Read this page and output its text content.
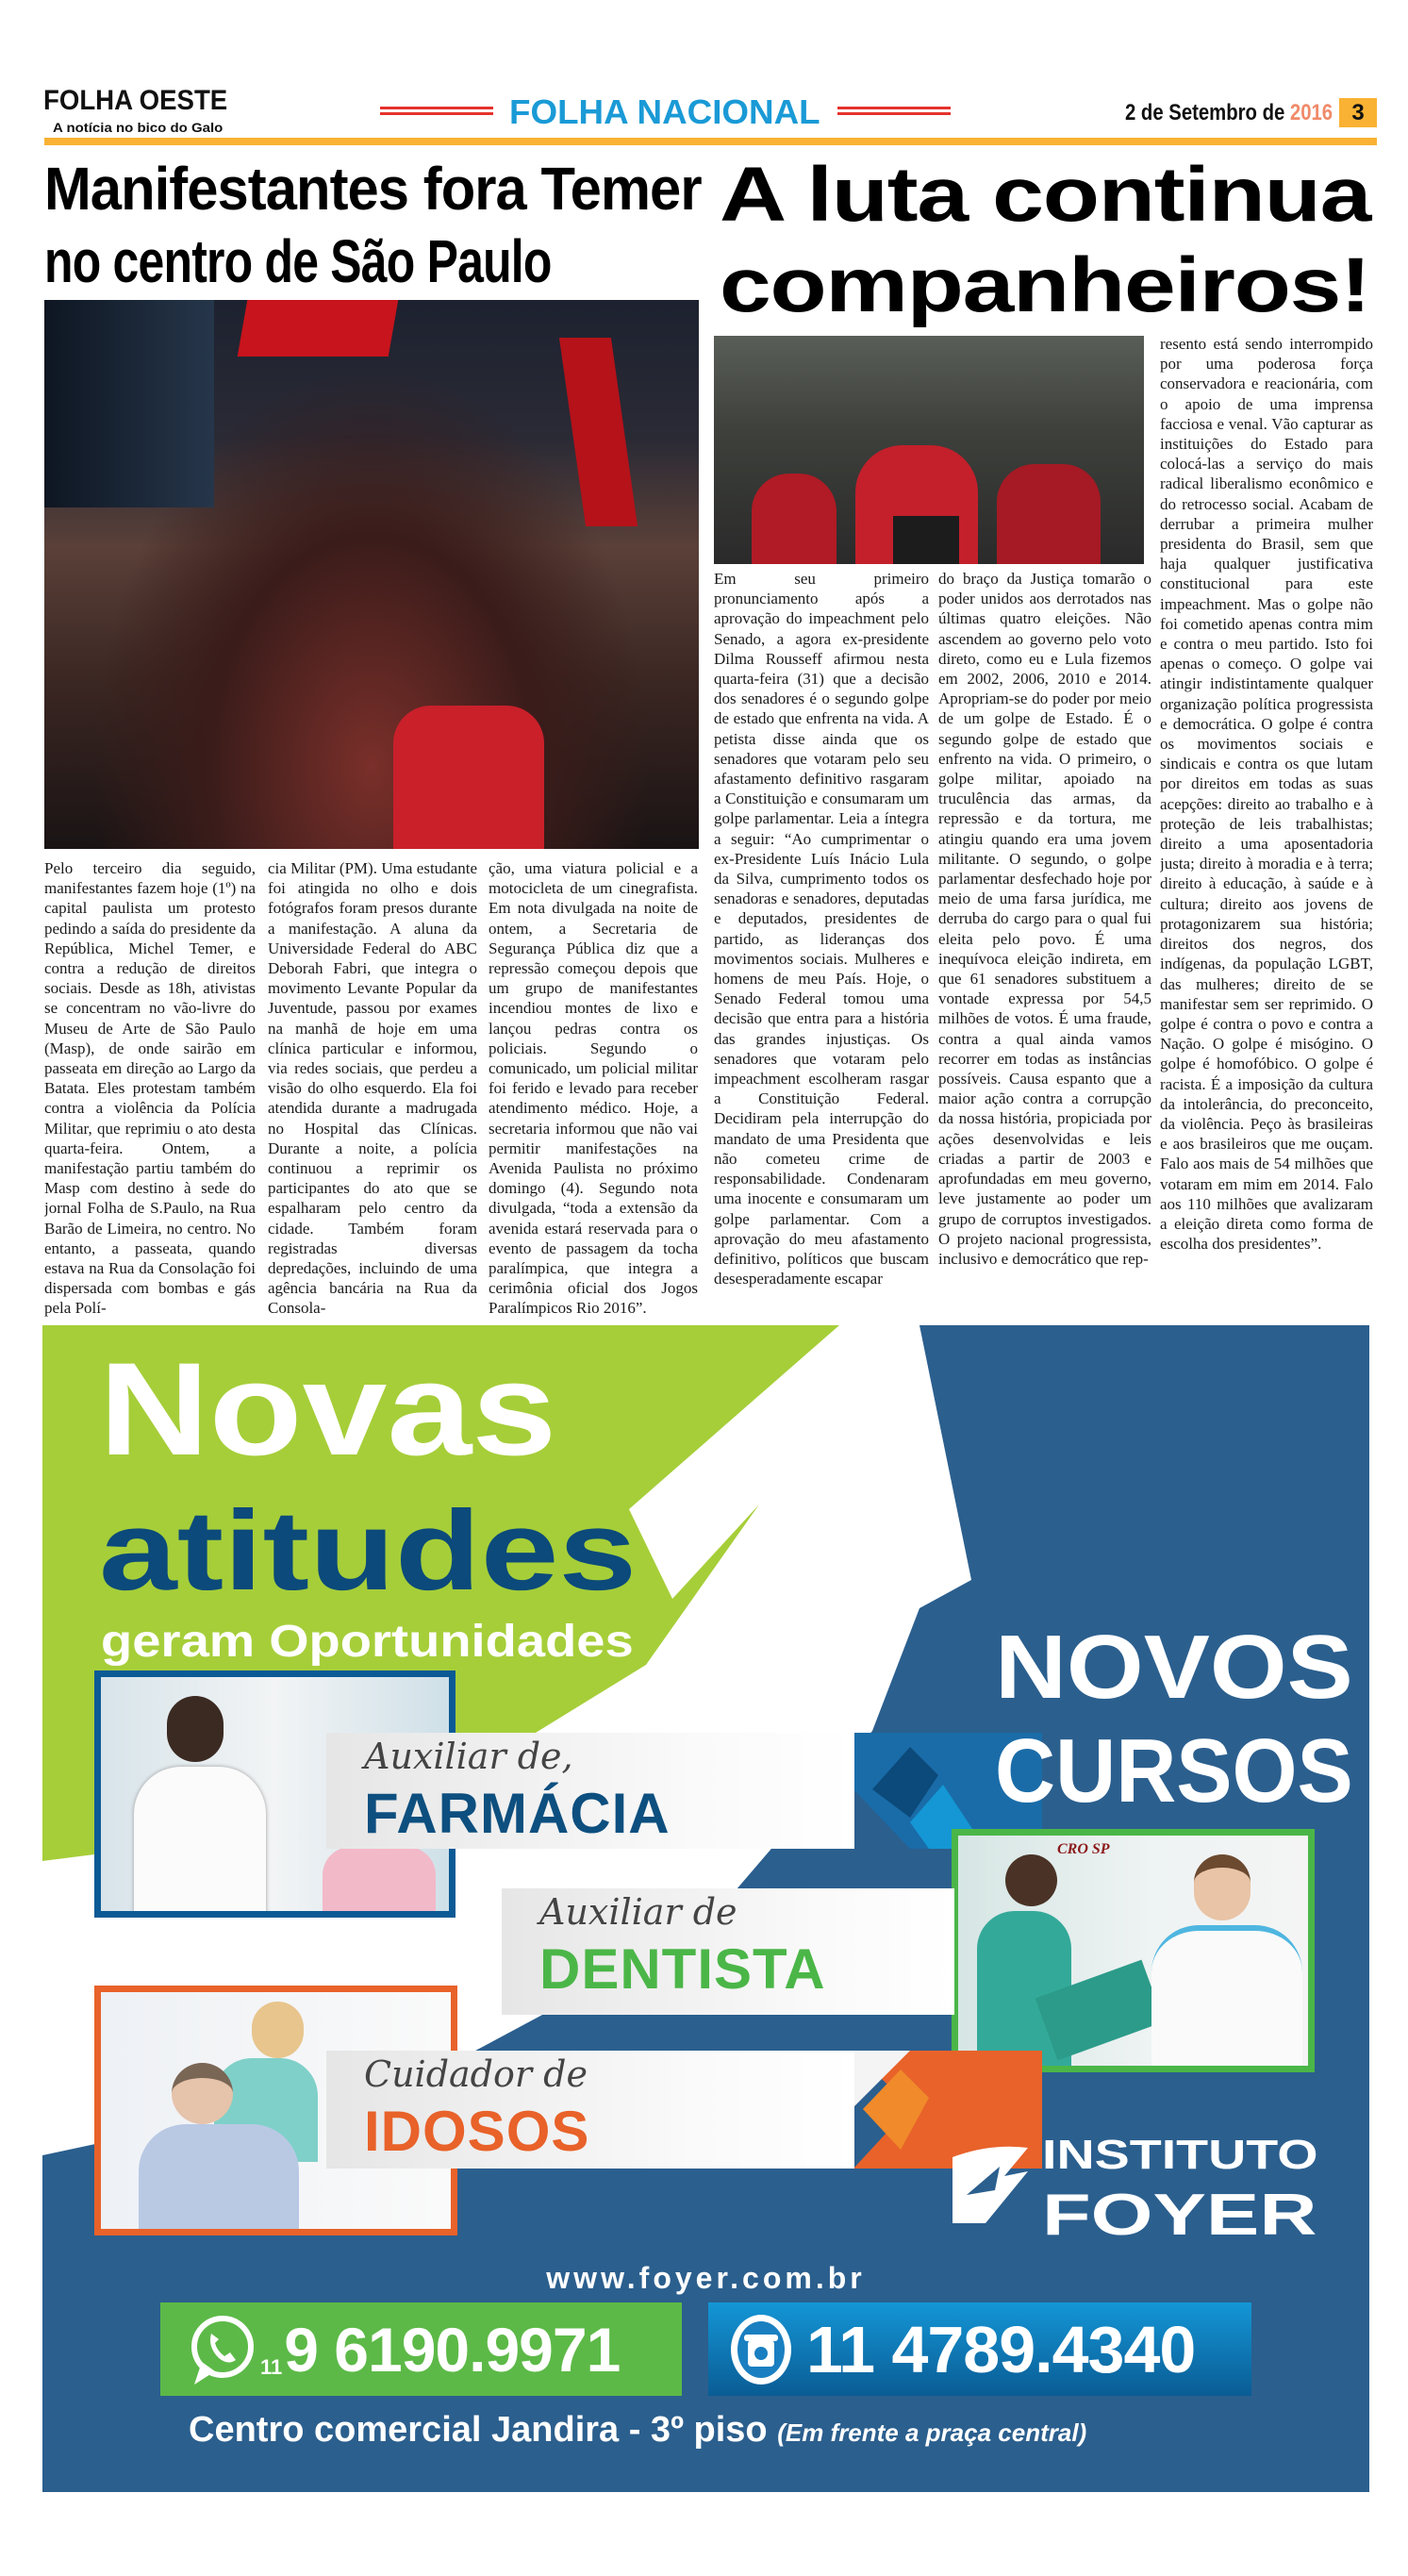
FOLHA OESTE
A notícia no bico do Galo	FOLHA NACIONAL	2 de Setembro de 2016 3
Manifestantes fora Temer
no centro de São Paulo
Pelo terceiro dia seguido, manifestantes fazem hoje (1º) na capital paulista um protesto pedindo a saída do presidente da República, Michel Temer, e contra a redução de direitos sociais. Desde as 18h, ativistas se concentram no vão-livre do Museu de Arte de São Paulo (Masp), de onde sairão em passeata em direção ao Largo da Batata. Eles protestam também contra a violência da Polícia Militar, que reprimiu o ato desta quarta-feira. Ontem, a manifestação partiu também do Masp com destino à sede do jornal Folha de S.Paulo, na Rua Barão de Limeira, no centro. No entanto, a passeata, quando estava na Rua da Consolação foi dispersada com bombas e gás pela Polí-
cia Militar (PM). Uma estudante foi atingida no olho e dois fotógrafos foram presos durante a manifestação. A aluna da Universidade Federal do ABC Deborah Fabri, que integra o movimento Levante Popular da Juventude, passou por exames na manhã de hoje em uma clínica particular e informou, via redes sociais, que perdeu a visão do olho esquerdo. Ela foi atendida durante a madrugada no Hospital das Clínicas. Durante a noite, a polícia continuou a reprimir os participantes do ato que se espalharam pelo centro da cidade. Também foram registradas diversas depredações, incluindo de uma agência bancária na Rua da Consola-
ção, uma viatura policial e a motocicleta de um cinegrafista. Em nota divulgada na noite de ontem, a Secretaria de Segurança Pública diz que a repressão começou depois que um grupo de manifestantes incendiou montes de lixo e lançou pedras contra os policiais. Segundo o comunicado, um policial militar foi ferido e levado para receber atendimento médico. Hoje, a secretaria informou que não vai permitir manifestações na Avenida Paulista no próximo domingo (4). Segundo nota divulgada, “toda a extensão da avenida estará reservada para o evento de passagem da tocha paralímpica, que integra a cerimônia oficial dos Jogos Paralímpicos Rio 2016”.
A luta continua
companheiros!
Em seu primeiro pronunciamento após a aprovação do impeachment pelo Senado, a agora ex-presidente Dilma Rousseff afirmou nesta quarta-feira (31) que a decisão dos senadores é o segundo golpe de estado que enfrenta na vida. A petista disse ainda que os senadores que votaram pelo seu afastamento definitivo rasgaram a Constituição e consumaram um golpe parlamentar. Leia a íntegra a seguir: “Ao cumprimentar o ex-Presidente Luís Inácio Lula da Silva, cumprimento todos os senadoras e senadores, deputadas e deputados, presidentes de partido, as lideranças dos movimentos sociais. Mulheres e homens de meu País. Hoje, o Senado Federal tomou uma decisão que entra para a história das grandes injustiças. Os senadores que votaram pelo impeachment escolheram rasgar a Constituição Federal. Decidiram pela interrupção do mandato de uma Presidenta que não cometeu crime de responsabilidade. Condenaram uma inocente e consumaram um golpe parlamentar. Com a aprovação do meu afastamento definitivo, políticos que buscam desesperadamente escapar
do braço da Justiça tomarão o poder unidos aos derrotados nas últimas quatro eleições. Não ascendem ao governo pelo voto direto, como eu e Lula fizemos em 2002, 2006, 2010 e 2014. Apropriam-se do poder por meio de um golpe de Estado. É o segundo golpe de estado que enfrento na vida. O primeiro, o golpe militar, apoiado na truculência das armas, da repressão e da tortura, me atingiu quando era uma jovem militante. O segundo, o golpe parlamentar desfechado hoje por meio de uma farsa jurídica, me derruba do cargo para o qual fui eleita pelo povo. É uma inequívoca eleição indireta, em que 61 senadores substituem a vontade expressa por 54,5 milhões de votos. É uma fraude, contra a qual ainda vamos recorrer em todas as instâncias possíveis. Causa espanto que a maior ação contra a corrupção da nossa história, propiciada por ações desenvolvidas e leis criadas a partir de 2003 e aprofundadas em meu governo, leve justamente ao poder um grupo de corruptos investigados. O projeto nacional progressista, inclusivo e democrático que rep-
resento está sendo interrompido por uma poderosa força conservadora e reacionária, com o apoio de uma imprensa facciosa e venal. Vão capturar as instituições do Estado para colocá-las a serviço do mais radical liberalismo econômico e do retrocesso social. Acabam de derrubar a primeira mulher presidenta do Brasil, sem que haja qualquer justificativa constitucional para este impeachment. Mas o golpe não foi cometido apenas contra mim e contra o meu partido. Isto foi apenas o começo. O golpe vai atingir indistintamente qualquer organização política progressista e democrática. O golpe é contra os movimentos sociais e sindicais e contra os que lutam por direitos em todas as suas acepções: direito ao trabalho e à proteção de leis trabalhistas; direito a uma aposentadoria justa; direito à moradia e à terra; direito à educação, à saúde e à cultura; direito aos jovens de protagonizarem sua história; direitos dos negros, dos indígenas, da população LGBT, das mulheres; direito de se manifestar sem ser reprimido. O golpe é contra o povo e contra a Nação. O golpe é misógino. O golpe é homofóbico. O golpe é racista. É a imposição da cultura da intolerância, do preconceito, da violência. Peço às brasileiras e aos brasileiros que me ouçam. Falo aos mais de 54 milhões que votaram em mim em 2014. Falo aos 110 milhões que avalizaram a eleição direta como forma de escolha dos presidentes”.
Novas
atitudes
geram Oportunidades	NOVOS
CURSOS
Auxiliar de,
FARMÁCIA
Auxiliar de
DENTISTA
CRO SP
Cuidador de
IDOSOS	INSTITUTO
FOYER
www.foyer.com.br
11 9 6190.9971	11 4789.4340
Centro comercial Jandira - 3º piso (Em frente a praça central)
